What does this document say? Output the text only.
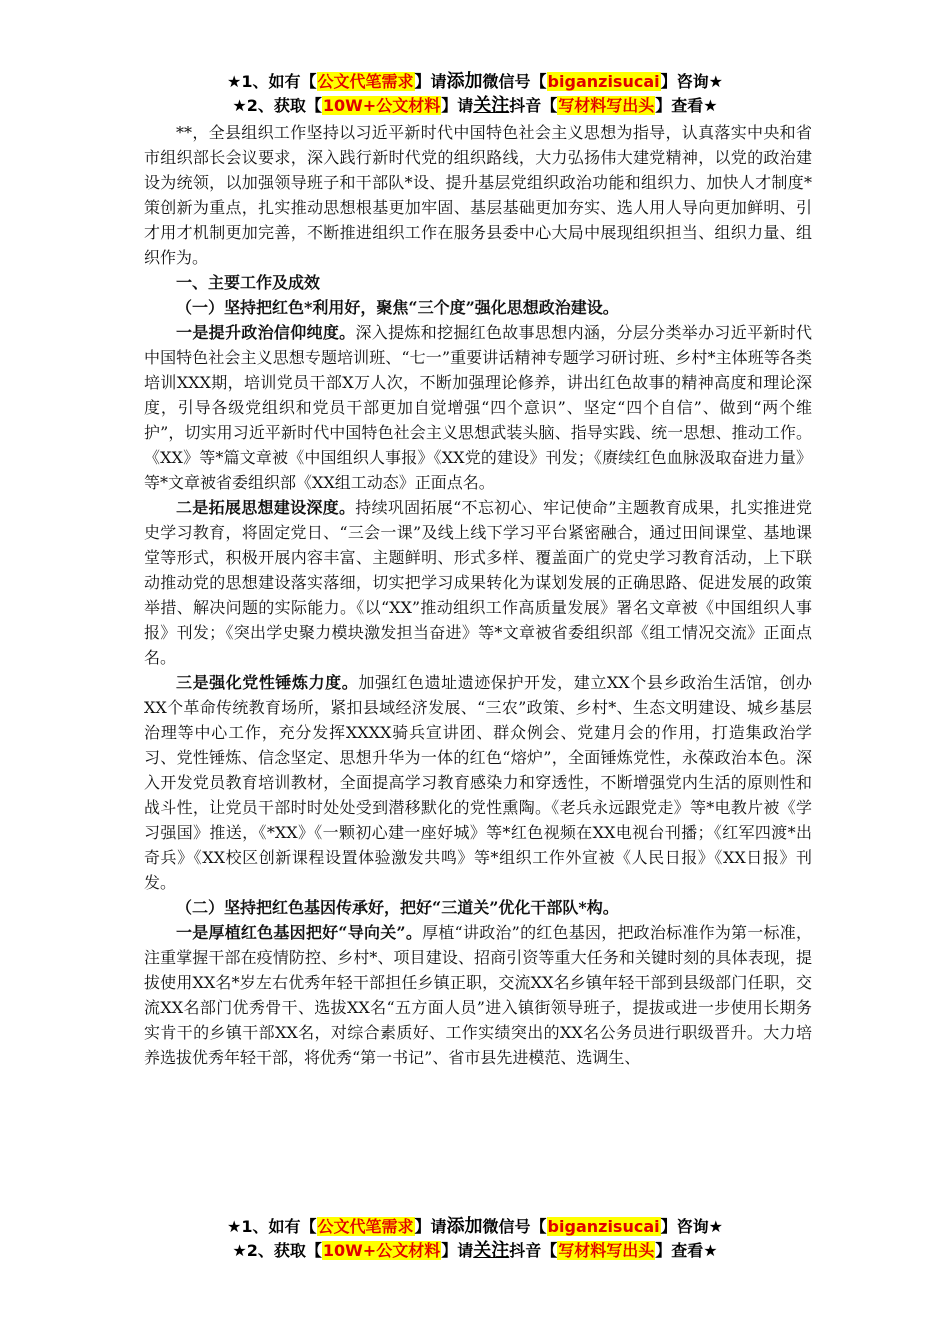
★1、如有【公文代笔需求】请添加微信号【biganzisucai】咨询★
★2、获取【10W+公文材料】请关注抖音【写材料写出头】查看★

**，全县组织工作坚持以习近平新时代中国特色社会主义思想为指导，认真落实中央和省市组织部长会议要求，深入践行新时代党的组织路线，大力弘扬伟大建党精神，以党的政治建设为统领，以加强领导班子和干部队*设、提升基层党组织政治功能和组织力、加快人才制度*策创新为重点，扎实推动思想根基更加牢固、基层基础更加夯实、选人用人导向更加鲜明、引才用才机制更加完善，不断推进组织工作在服务县委中心大局中展现组织担当、组织力量、组织作为。

一、主要工作及成效

（一）坚持把红色*利用好，聚焦“三个度”强化思想政治建设。

一是提升政治信仰纯度。深入提炼和挖掘红色故事思想内涵，分层分类举办习近平新时代中国特色社会主义思想专题培训班、“七一”重要讲话精神专题学习研讨班、乡村*主体班等各类培训XXX期，培训党员干部X万人次，不断加强理论修养，讲出红色故事的精神高度和理论深度，引导各级党组织和党员干部更加自觉增强“四个意识”、坚定“四个自信”、做到“两个维护”，切实用习近平新时代中国特色社会主义思想武装头脑、指导实践、统一思想、推动工作。《XX》等*篇文章被《中国组织人事报》《XX党的建设》刊发；《赓续红色血脉汲取奋进力量》等*文章被省委组织部《XX组工动态》正面点名。

二是拓展思想建设深度。持续巩固拓展“不忘初心、牢记使命”主题教育成果，扎实推进党史学习教育，将固定党日、“三会一课”及线上线下学习平台紧密融合，通过田间课堂、基地课堂等形式，积极开展内容丰富、主题鲜明、形式多样、覆盖面广的党史学习教育活动，上下联动推动党的思想建设落实落细，切实把学习成果转化为谋划发展的正确思路、促进发展的政策举措、解决问题的实际能力。《以“XX”推动组织工作高质量发展》署名文章被《中国组织人事报》刊发；《突出学史聚力模块激发担当奋进》等*文章被省委组织部《组工情况交流》正面点名。

三是强化党性锤炼力度。加强红色遗址遗迹保护开发，建立XX个县乡政治生活馆，创办XX个革命传统教育场所，紧扣县域经济发展、“三农”政策、乡村*、生态文明建设、城乡基层治理等中心工作，充分发挥XXXX骑兵宣讲团、群众例会、党建月会的作用，打造集政治学习、党性锤炼、信念坚定、思想升华为一体的红色“熔炉”，全面锤炼党性，永葆政治本色。深入开发党员教育培训教材，全面提高学习教育感染力和穿透性，不断增强党内生活的原则性和战斗性，让党员干部时时处处受到潜移默化的党性熏陶。《老兵永远跟党走》等*电教片被《学习强国》推送，《*XX》《一颗初心建一座好城》等*红色视频在XX电视台刊播；《红军四渡*出奇兵》《XX校区创新课程设置体验激发共鸣》等*组织工作外宣被《人民日报》《XX日报》刊发。

（二）坚持把红色基因传承好，把好“三道关”优化干部队*构。

一是厚植红色基因把好“导向关”。厚植“讲政治”的红色基因，把政治标准作为第一标准，注重掌握干部在疫情防控、乡村*、项目建设、招商引资等重大任务和关键时刻的具体表现，提拔使用XX名*岁左右优秀年轻干部担任乡镇正职，交流XX名乡镇年轻干部到县级部门任职，交流XX名部门优秀骨干、选拔XX名“五方面人员”进入镇街领导班子，提拔或进一步使用长期务实肯干的乡镇干部XX名，对综合素质好、工作实绩突出的XX名公务员进行职级晋升。大力培养选拔优秀年轻干部，将优秀“第一书记”、省市县先进模范、选调生、

★1、如有【公文代笔需求】请添加微信号【biganzisucai】咨询★
★2、获取【10W+公文材料】请关注抖音【写材料写出头】查看★
